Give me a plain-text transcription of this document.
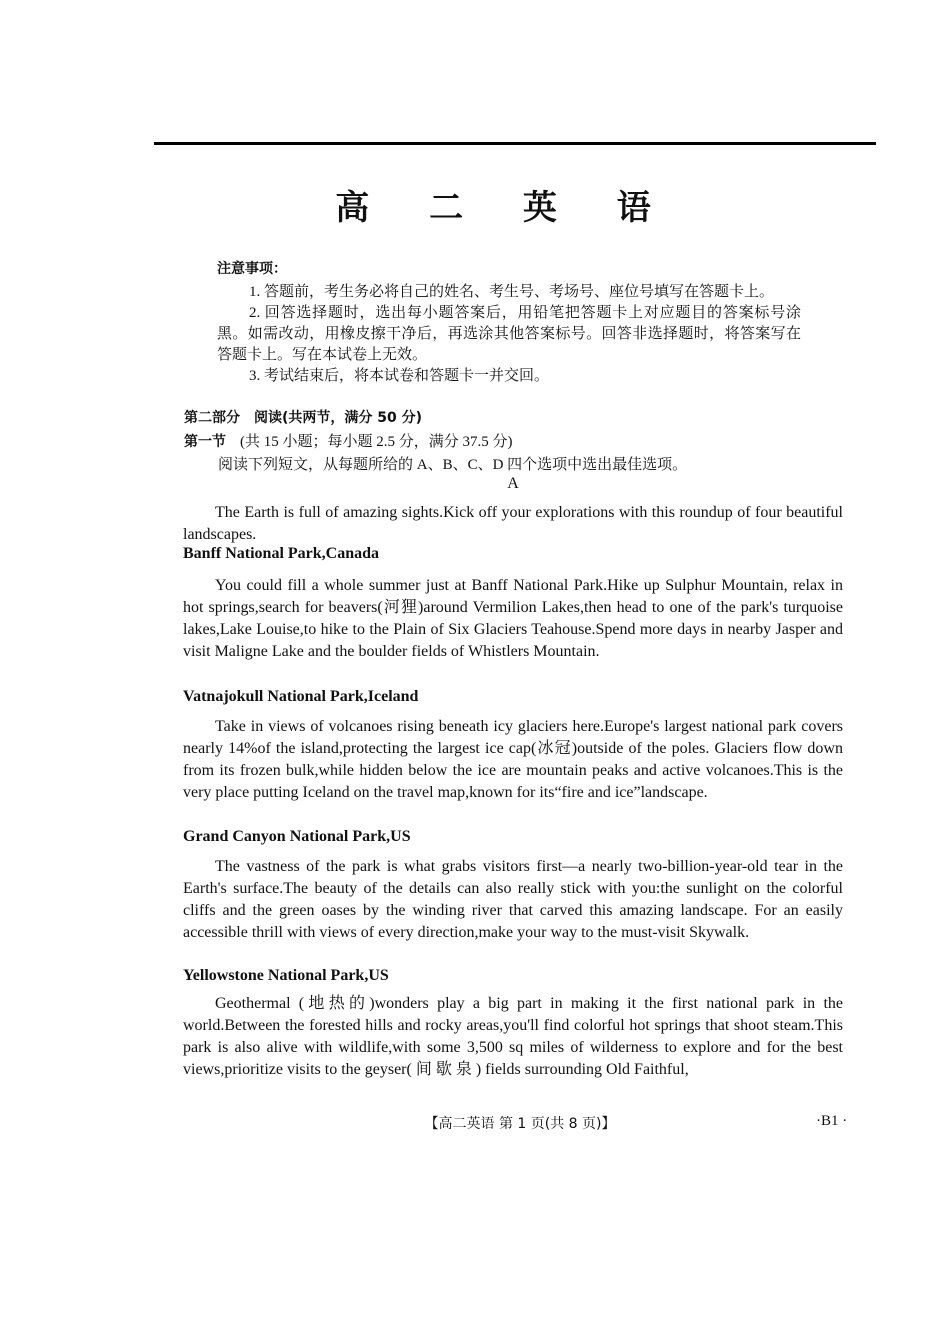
高 二 英 语
注意事项：

1. 答题前，考生务必将自己的姓名、考生号、考场号、座位号填写在答题卡上。

2. 回答选择题时，选出每小题答案后，用铅笔把答题卡上对应题目的答案标号涂黑。如需改动，用橡皮擦干净后，再选涂其他答案标号。回答非选择题时，将答案写在答题卡上。写在本试卷上无效。

3. 考试结束后，将本试卷和答题卡一并交回。

第二部分　阅读(共两节，满分 50 分)
第一节 (共 15 小题；每小题 2.5 分，满分 37.5 分)
阅读下列短文，从每题所给的 A、B、C、D 四个选项中选出最佳选项。
A

The Earth is full of amazing sights.Kick off your explorations with this roundup of four beautiful landscapes.

Banff National Park,Canada

You could fill a whole summer just at Banff National Park.Hike up Sulphur Mountain, relax in hot springs,search for beavers(河狸)around Vermilion Lakes,then head to one of the park's turquoise lakes,Lake Louise,to hike to the Plain of Six Glaciers Teahouse.Spend more days in nearby Jasper and visit Maligne Lake and the boulder fields of Whistlers Mountain.

Vatnajokull National Park,Iceland

Take in views of volcanoes rising beneath icy glaciers here.Europe's largest national park covers nearly 14%of the island,protecting the largest ice cap(冰冠)outside of the poles. Glaciers flow down from its frozen bulk,while hidden below the ice are mountain peaks and active volcanoes.This is the very place putting Iceland on the travel map,known for its“fire and ice”landscape.

Grand Canyon National Park,US

The vastness of the park is what grabs visitors first—a nearly two-billion-year-old tear in the Earth's surface.The beauty of the details can also really stick with you:the sunlight on the colorful cliffs and the green oases by the winding river that carved this amazing landscape. For an easily accessible thrill with views of every direction,make your way to the must-visit Skywalk.

Yellowstone National Park,US

Geothermal (地热的)wonders play a big part in making it the first national park in the world.Between the forested hills and rocky areas,you'll find colorful hot springs that shoot steam.This park is also alive with wildlife,with some 3,500 sq miles of wilderness to explore and for the best views,prioritize visits to the geyser( 间 歇 泉 ) fields surrounding Old Faithful,

【高二英语 第 1 页(共 8 页)】	·B1 ·
